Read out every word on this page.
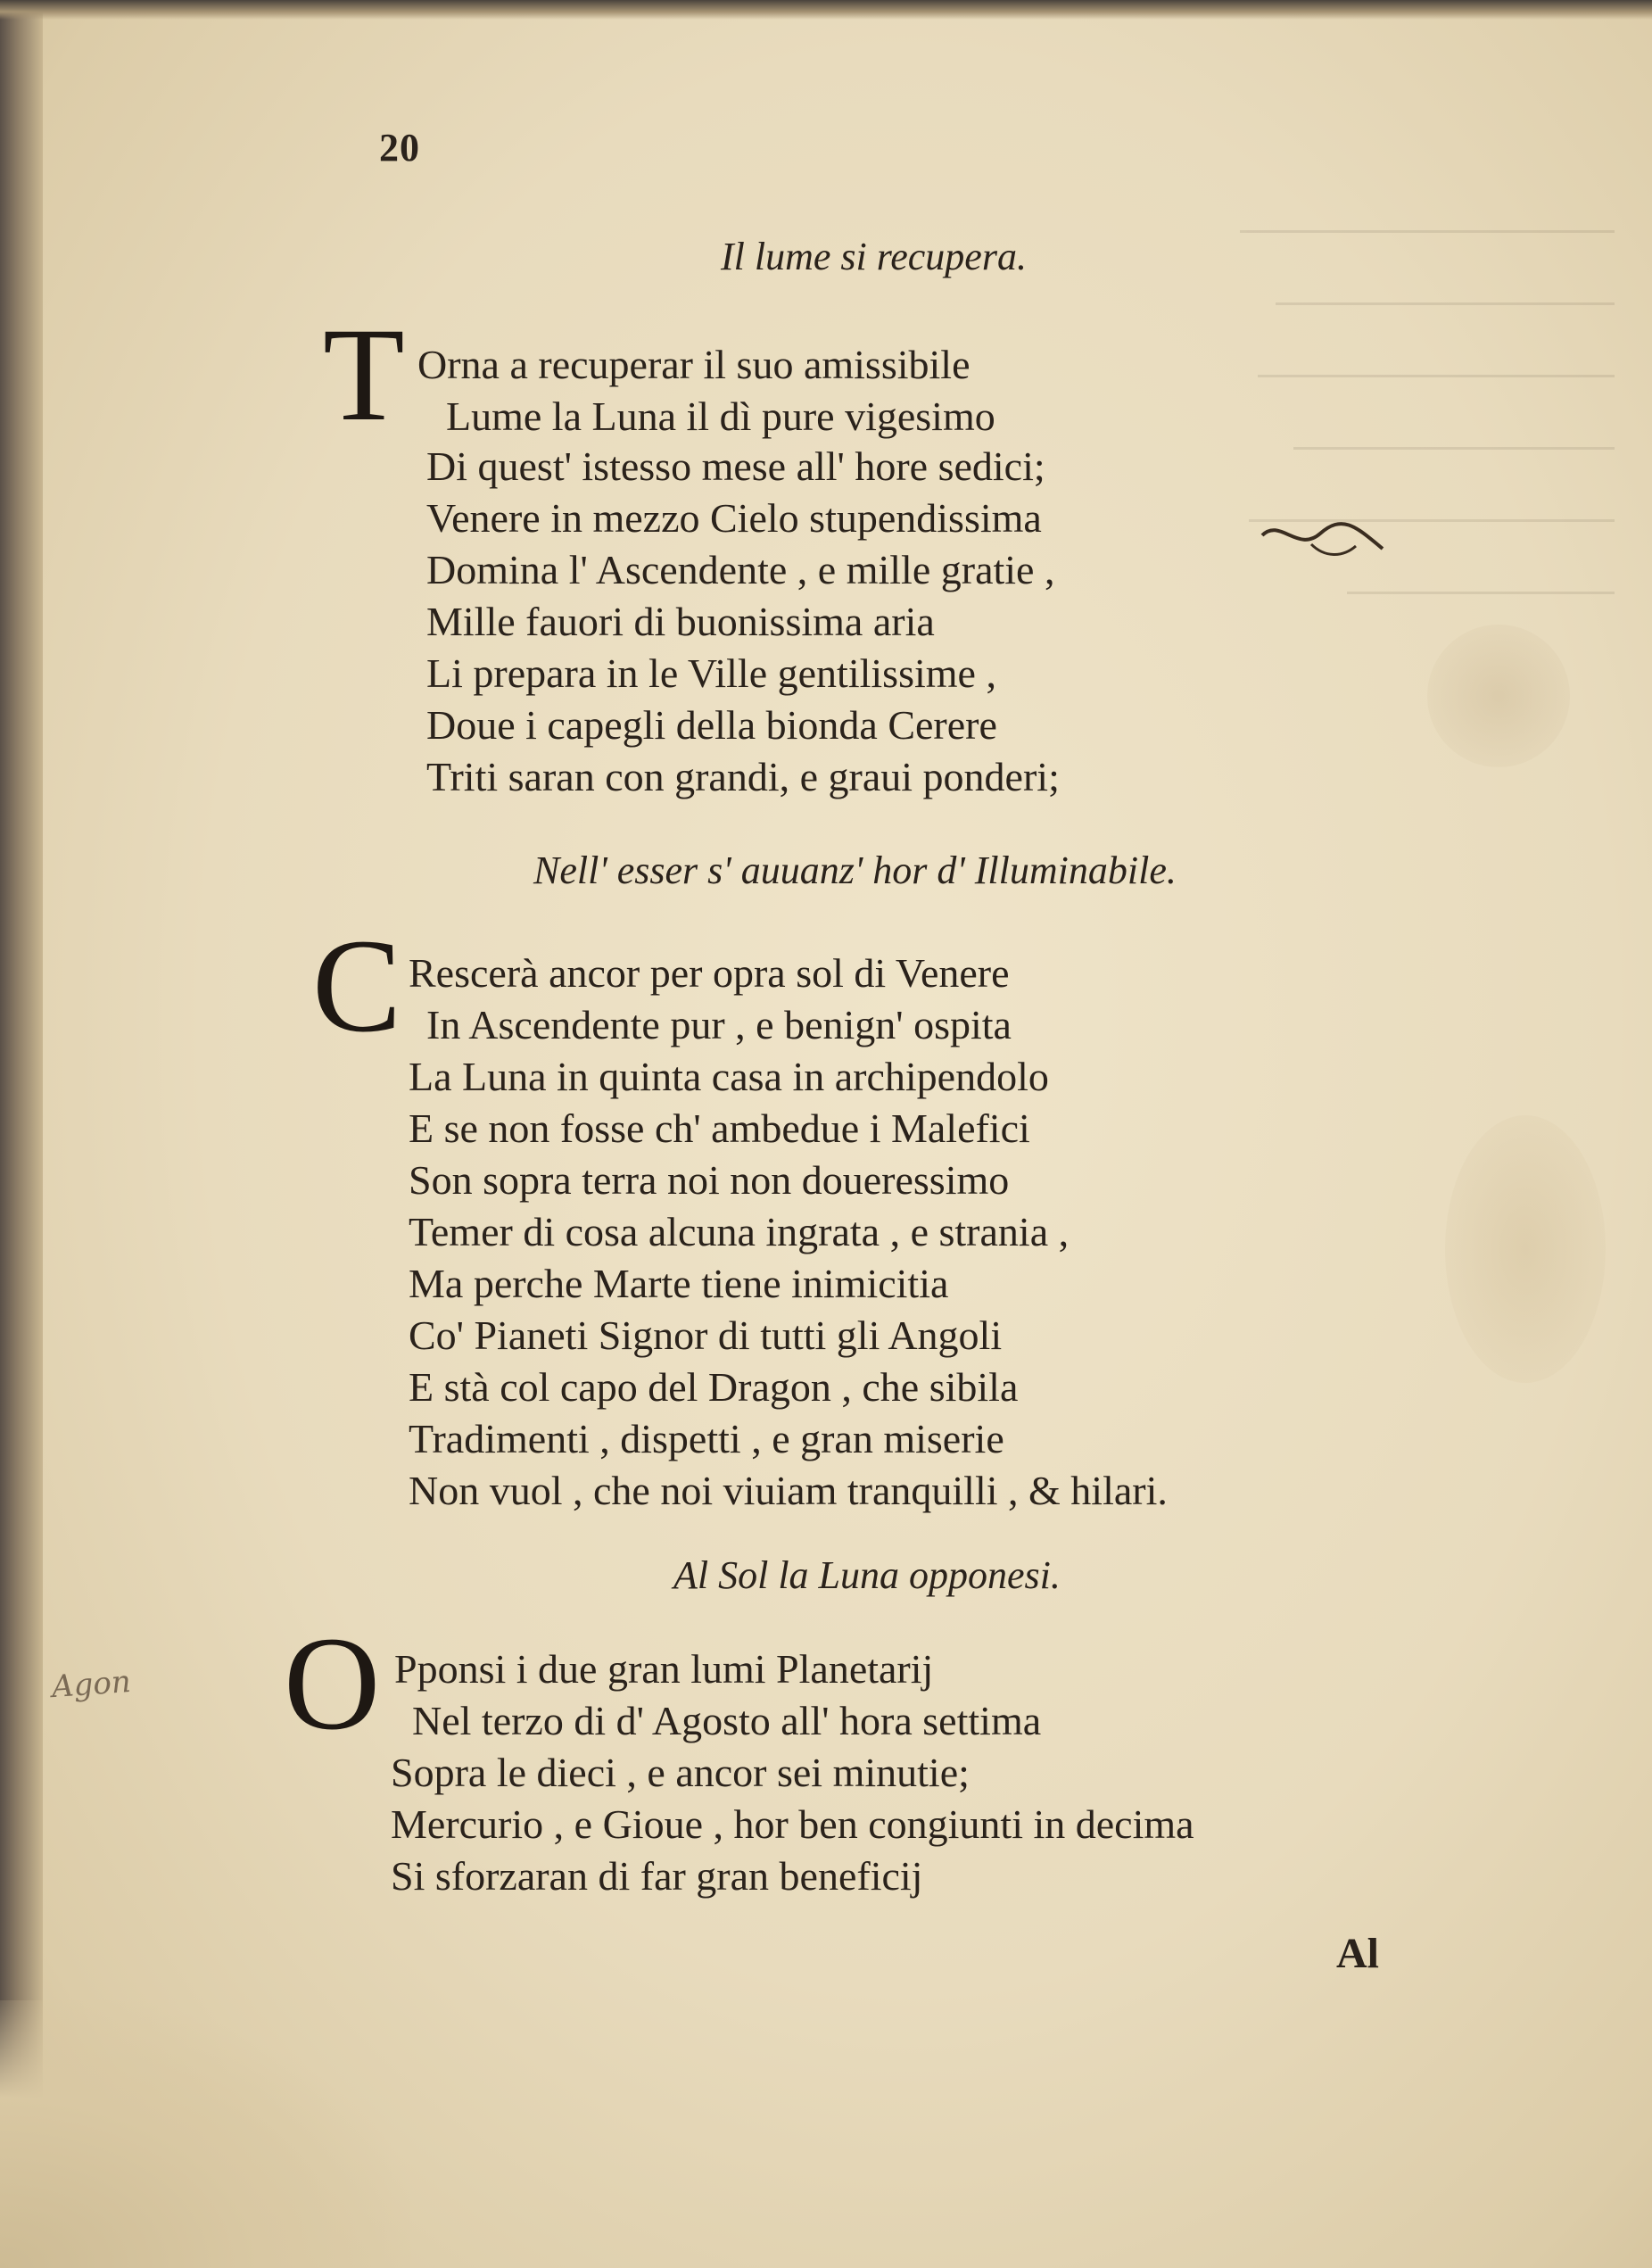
20
Il lume si recupera.
T Orna a recuperar il suo amissibile
Lume la Luna il dì pure vigesimo
Di quest' istesso mese all' hore sedici;
Venere in mezzo Cielo stupendissima
Domina l' Ascendente , e mille gratie ,
Mille fauori di buonissima aria
Li prepara in le Ville gentilissime ,
Doue i capegli della bionda Cerere
Triti saran con grandi, e graui ponderi;
Nell' esser s' auuanz' hor d' Illuminabile.
C Rescerà ancor per opra sol di Venere
In Ascendente pur , e benign' ospita
La Luna in quinta casa in archipendolo
E se non fosse ch' ambedue i Malefici
Son sopra terra noi non doueressimo
Temer di cosa alcuna ingrata , e strania ,
Ma perche Marte tiene inimicitia
Co' Pianeti Signor di tutti gli Angoli
E stà col capo del Dragon , che sibila
Tradimenti , dispetti , e gran miserie
Non vuol , che noi viuiam tranquilli , & hilari.
Al Sol la Luna opponesi.
O Pponsi i due gran lumi Planetarij
Nel terzo di d' Agosto all' hora settima
Sopra le dieci , e ancor sei minutie;
Mercurio , e Gioue , hor ben congiunti in decima
Si sforzaran di far gran beneficij
Al
Agon
